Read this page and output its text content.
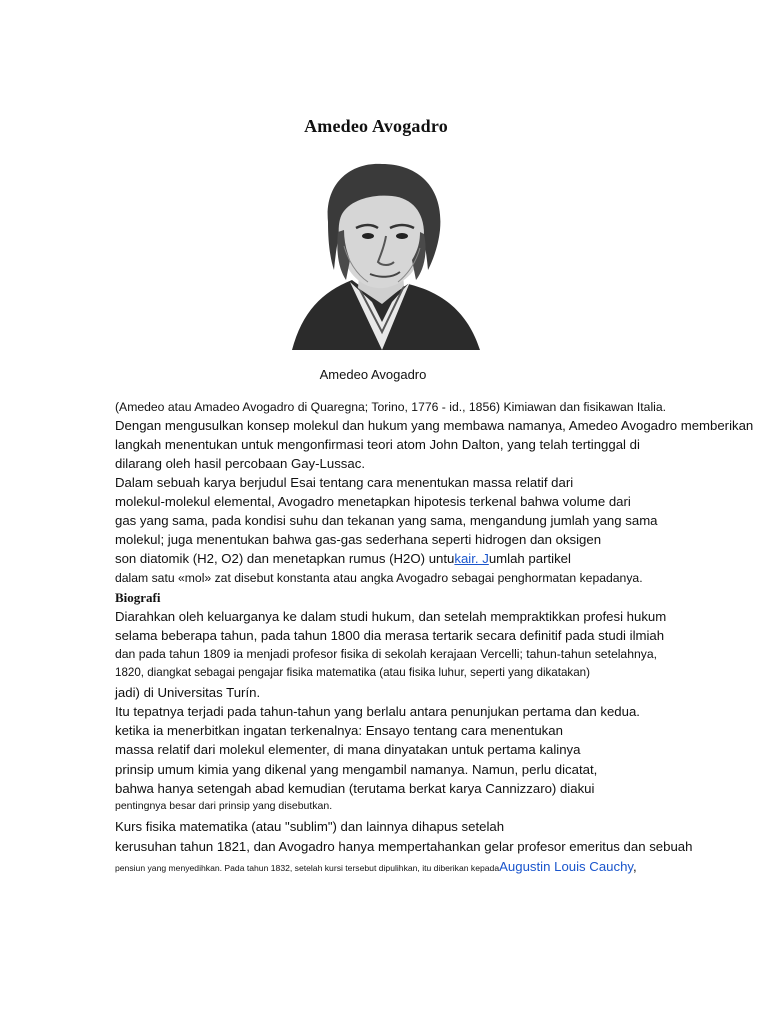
Amedeo Avogadro
Amedeo Avogadro

(Amedeo atau Amadeo Avogadro di Quaregna; Torino, 1776 - id., 1856) Kimiawan dan fisikawan Italia.

Dengan mengusulkan konsep molekul dan hukum yang membawa namanya, Amedeo Avogadro memberikan

langkah menentukan untuk mengonfirmasi teori atom John Dalton, yang telah tertinggal di

dilarang oleh hasil percobaan Gay-Lussac.

Dalam sebuah karya berjudul Esai tentang cara menentukan massa relatif dari

molekul-molekul elemental, Avogadro menetapkan hipotesis terkenal bahwa volume dari

gas yang sama, pada kondisi suhu dan tekanan yang sama, mengandung jumlah yang sama

molekul; juga menentukan bahwa gas-gas sederhana seperti hidrogen dan oksigen

son diatomik (H2, O2) dan menetapkan rumus (H2O) untukair. Jumlah partikel

dalam satu «mol» zat disebut konstanta atau angka Avogadro sebagai penghormatan kepadanya.

Biografi

Diarahkan oleh keluarganya ke dalam studi hukum, dan setelah mempraktikkan profesi hukum

selama beberapa tahun, pada tahun 1800 dia merasa tertarik secara definitif pada studi ilmiah

dan pada tahun 1809 ia menjadi profesor fisika di sekolah kerajaan Vercelli; tahun-tahun setelahnya,

1820, diangkat sebagai pengajar fisika matematika (atau fisika luhur, seperti yang dikatakan)

jadi) di Universitas Turín.

Itu tepatnya terjadi pada tahun-tahun yang berlalu antara penunjukan pertama dan kedua.

ketika ia menerbitkan ingatan terkenalnya: Ensayo tentang cara menentukan

massa relatif dari molekul elementer, di mana dinyatakan untuk pertama kalinya

prinsip umum kimia yang dikenal yang mengambil namanya. Namun, perlu dicatat,

bahwa hanya setengah abad kemudian (terutama berkat karya Cannizzaro) diakui

pentingnya besar dari prinsip yang disebutkan.

Kurs fisika matematika (atau "sublim") dan lainnya dihapus setelah

kerusuhan tahun 1821, dan Avogadro hanya mempertahankan gelar profesor emeritus dan sebuah

pensiun yang menyedihkan. Pada tahun 1832, setelah kursi tersebut dipulihkan, itu diberikan kepadaAugustin Louis Cauchy,
